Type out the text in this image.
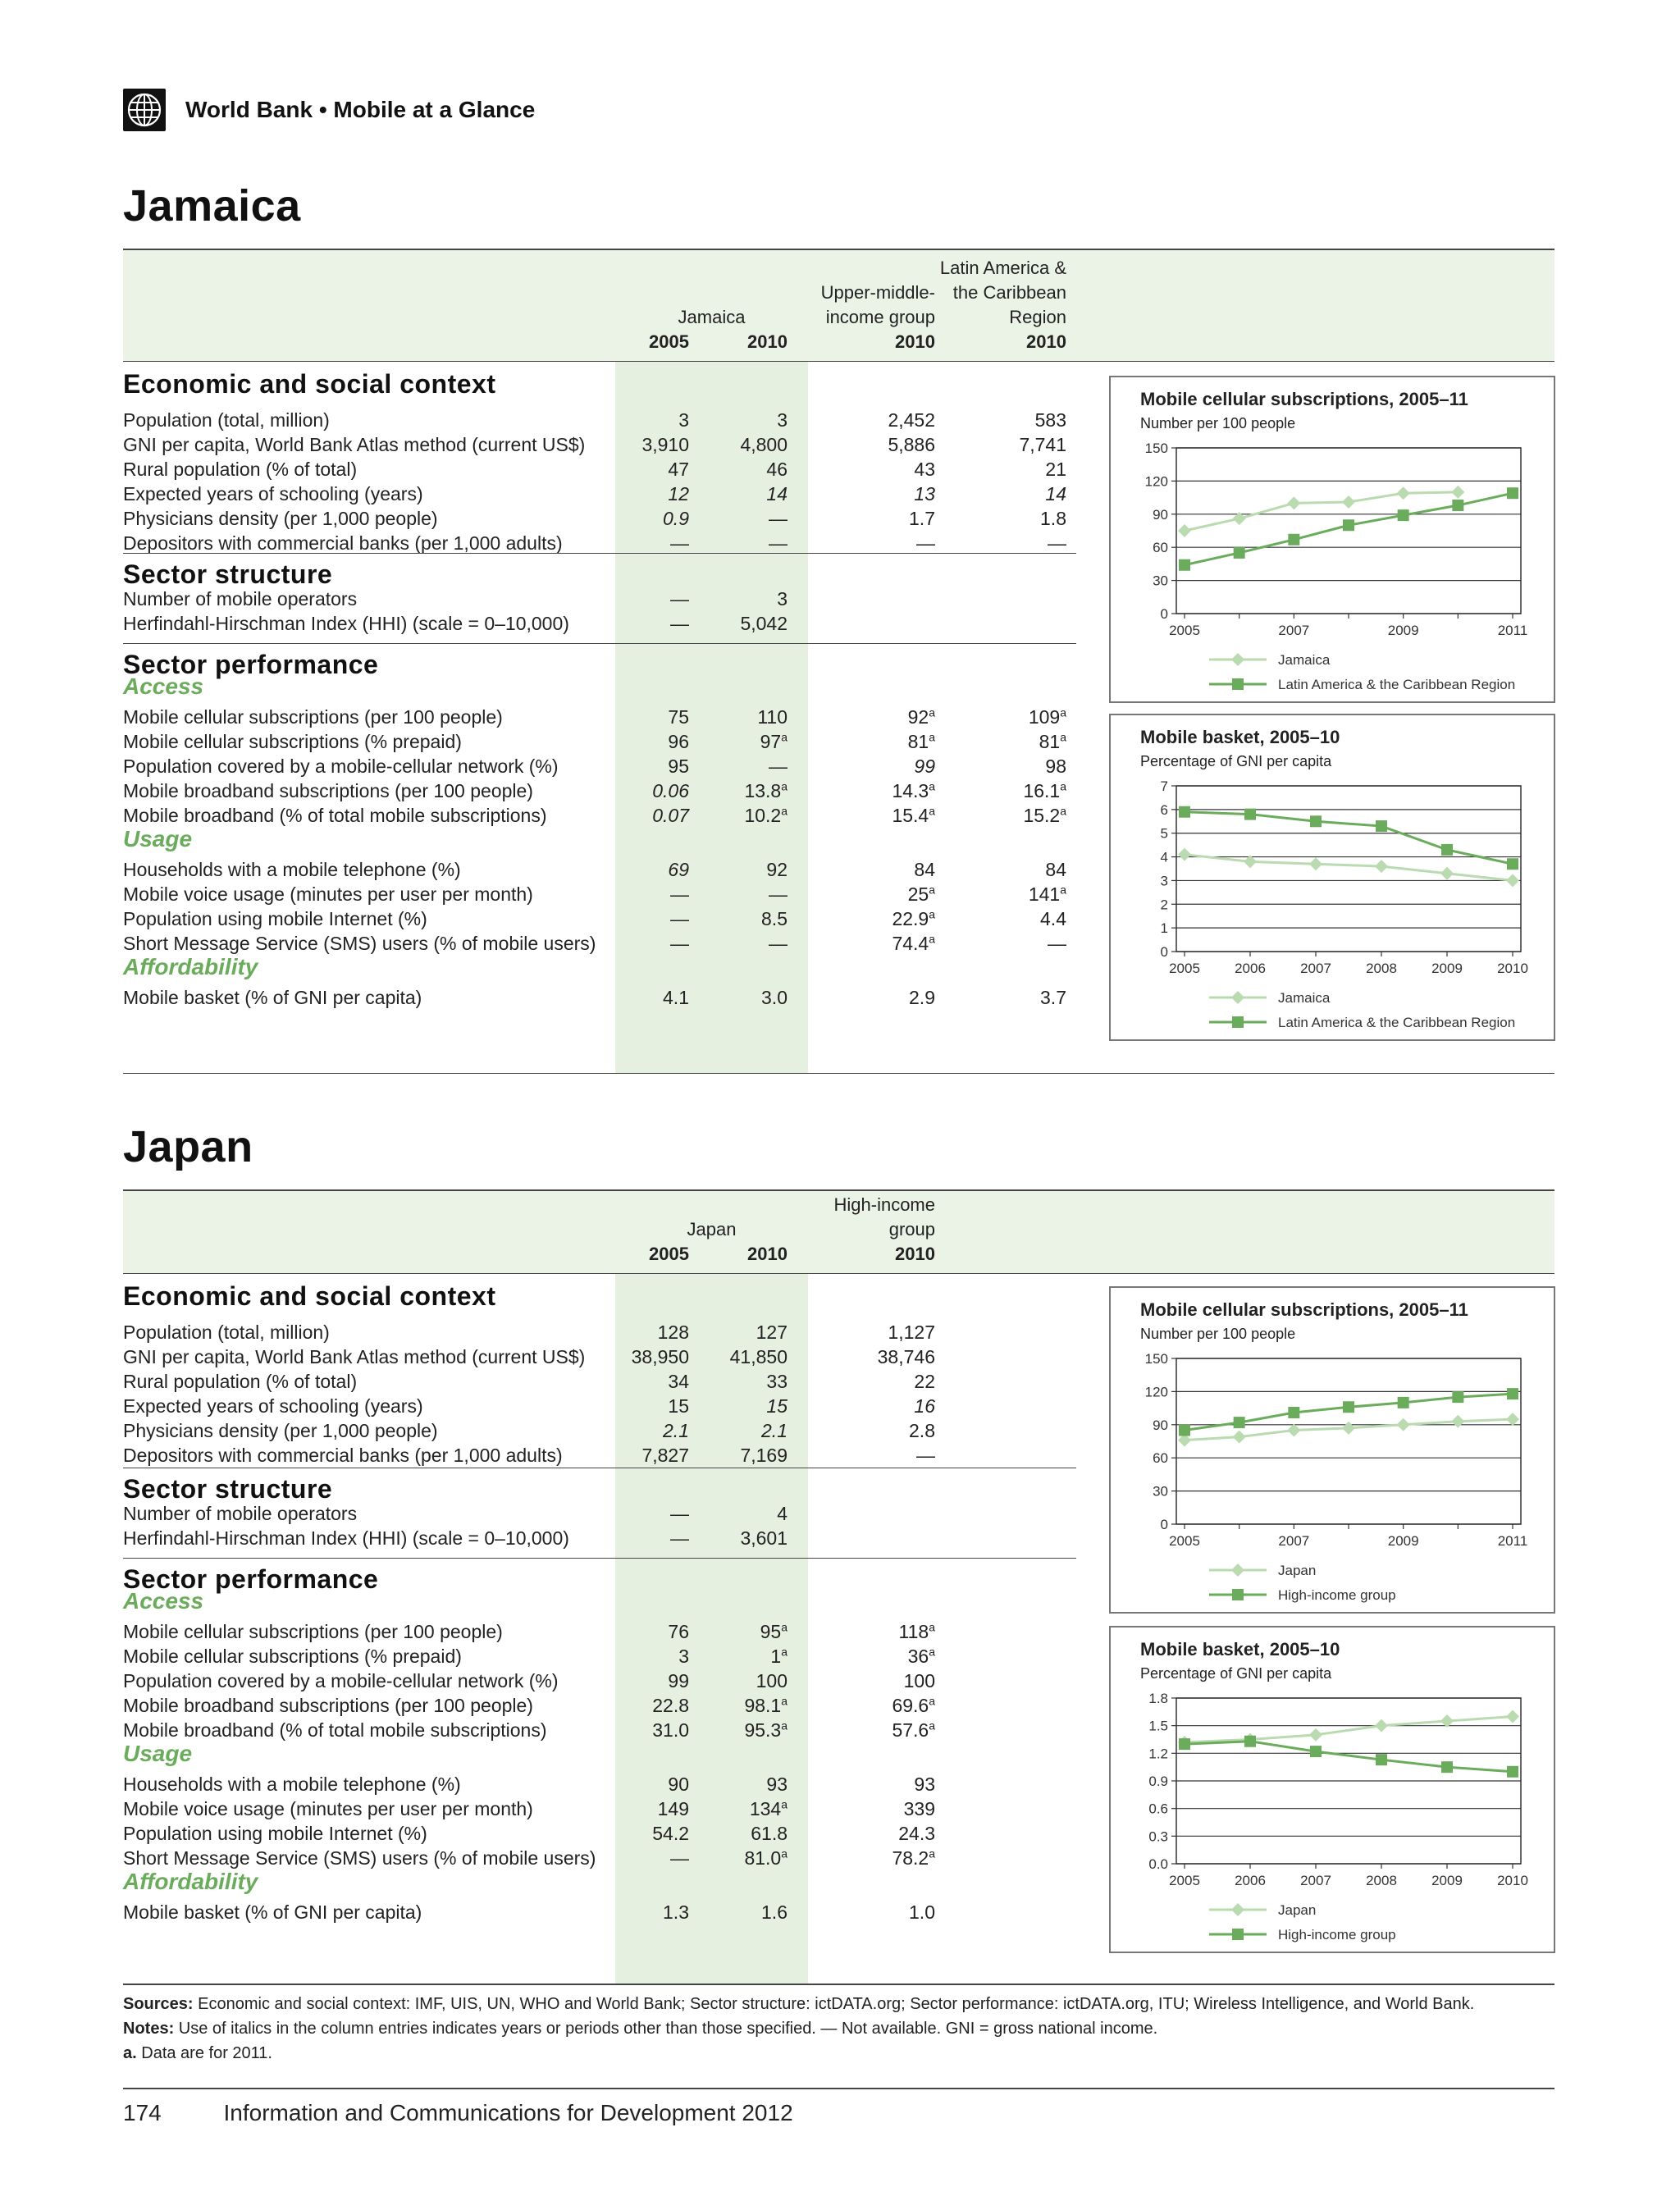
World Bank • Mobile at a Glance
Jamaica
Jamaica
2005	2010
Upper-middle-
income group
2010
Latin America &
the Caribbean
Region
2010
Economic and social context
Population (total, million)	3	3	2,452	583
GNI per capita, World Bank Atlas method (current US$)	3,910	4,800	5,886	7,741
Rural population (% of total)	47	46	43	21
Expected years of schooling (years)	12	14	13	14
Physicians density (per 1,000 people)	0.9	—	1.7	1.8
Depositors with commercial banks (per 1,000 adults)	—	—	—	—
Sector structure
Number of mobile operators	—	3
Herfindahl-Hirschman Index (HHI) (scale = 0–10,000)	—	5,042
Sector performance
Access
Mobile cellular subscriptions (per 100 people)	75	110	92$^a$	109$^a$
Mobile cellular subscriptions (% prepaid)	96	97$^a$	81$^a$	81$^a$
Population covered by a mobile-cellular network (%)	95	—	99	98
Mobile broadband subscriptions (per 100 people)	0.06	13.8$^a$	14.3$^a$	16.1$^a$
Mobile broadband (% of total mobile subscriptions)	0.07	10.2$^a$	15.4$^a$	15.2$^a$
Usage
Households with a mobile telephone (%)	69	92	84	84
Mobile voice usage (minutes per user per month)	—	—	25$^a$	141$^a$
Population using mobile Internet (%)	—	8.5	22.9$^a$	4.4
Short Message Service (SMS) users (% of mobile users)	—	—	74.4$^a$	—
Affordability
Mobile basket (% of GNI per capita)	4.1	3.0	2.9	3.7
Mobile cellular subscriptions, 2005–11
Number per 100 people
0
30
60
90
120
150
2005	2007	2009	2011
Jamaica
Latin America & the Caribbean Region
Mobile basket, 2005–10
Percentage of GNI per capita
0
1
2
3
4
5
6
7
2005 2006 2007 2008 2009 2010
Jamaica
Latin America & the Caribbean Region
Japan
Japan
2005	2010
High-income
group
2010
Economic and social context
Population (total, million)	128	127	1,127
GNI per capita, World Bank Atlas method (current US$)	38,950	41,850	38,746
Rural population (% of total)	34	33	22
Expected years of schooling (years)	15	15	16
Physicians density (per 1,000 people)	2.1	2.1	2.8
Depositors with commercial banks (per 1,000 adults)	7,827	7,169	—
Sector structure
Number of mobile operators	—	4
Herfindahl-Hirschman Index (HHI) (scale = 0–10,000)	—	3,601
Sector performance
Access
Mobile cellular subscriptions (per 100 people)	76	95$^a$	118$^a$
Mobile cellular subscriptions (% prepaid)	3	1$^a$	36$^a$
Population covered by a mobile-cellular network (%)	99	100	100
Mobile broadband subscriptions (per 100 people)	22.8	98.1$^a$	69.6$^a$
Mobile broadband (% of total mobile subscriptions)	31.0	95.3$^a$	57.6$^a$
Usage
Households with a mobile telephone (%)	90	93	93
Mobile voice usage (minutes per user per month)	149	134$^a$	339
Population using mobile Internet (%)	54.2	61.8	24.3
Short Message Service (SMS) users (% of mobile users)	—	81.0$^a$	78.2$^a$
Affordability
Mobile basket (% of GNI per capita)	1.3	1.6	1.0
Mobile cellular subscriptions, 2005–11
Number per 100 people
0
30
60
90
120
150
2005	2007	2009	2011
Japan
High-income group
Mobile basket, 2005–10
Percentage of GNI per capita
0.0
0.3
0.6
0.9
1.2
1.5
1.8
2005 2006 2007 2008 2009 2010
Japan
High-income group
Sources: Economic and social context: IMF, UIS, UN, WHO and World Bank; Sector structure: ictDATA.org; Sector performance: ictDATA.org, ITU; Wireless Intelligence, and World Bank.
Notes: Use of italics in the column entries indicates years or periods other than those specified. — Not available. GNI = gross national income.
a. Data are for 2011.
174	Information and Communications for Development 2012
